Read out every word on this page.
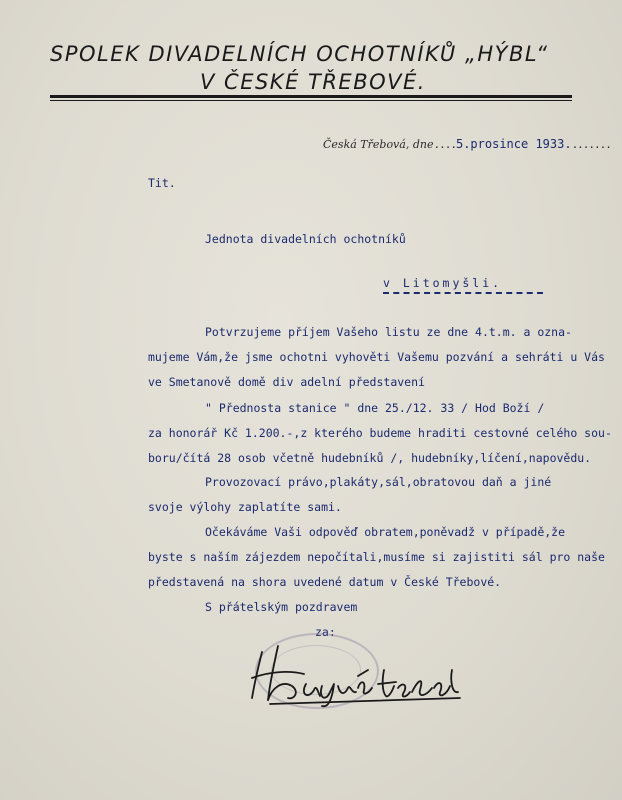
SPOLEK DIVADELNÍCH OCHOTNÍKŮ „HÝBL“
V ČESKÉ TŘEBOVÉ.
Česká Třebová, dne....5.prosince 1933........
Tit.
Jednota divadelních ochotníků
v Litomyšli.
Potvrzujeme příjem Vašeho listu ze dne 4.t.m. a ozna-
mujeme Vám,že jsme ochotni vyhověti Vašemu pozvání a sehráti u Vás
ve Smetanově domě div adelní představení
" Přednosta stanice " dne 25./12. 33 / Hod Boží /
za honorář Kč 1.200.-,z kterého budeme hraditi cestovné celého sou-
boru/čítá 28 osob včetně hudebníků /, hudebníky,líčení,napovědu.
Provozovací právo,plakáty,sál,obratovou daň a jiné
svoje výlohy zaplatíte sami.
Očekáváme Vaši odpověď obratem,poněvadž v případě,že
byste s naším zájezdem nepočítali,musíme si zajistiti sál pro naše
představená na shora uvedené datum v České Třebové.
S přátelským pozdravem
za:
